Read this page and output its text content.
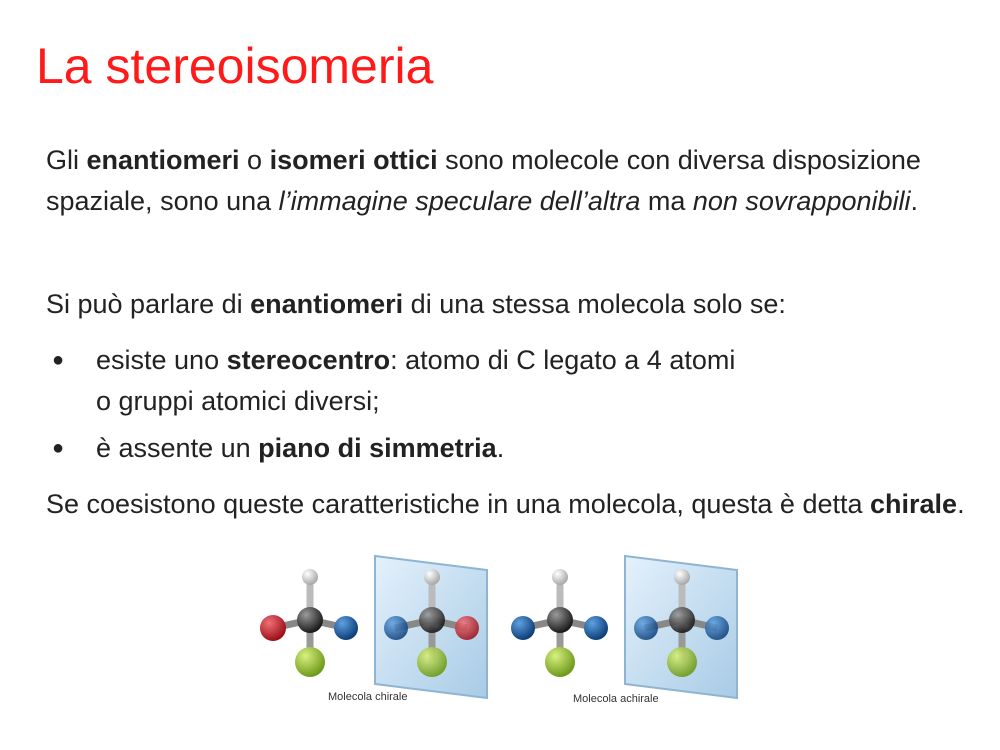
La stereoisomeria

Gli enantiomeri o isomeri ottici sono molecole con diversa disposizione spaziale, sono una l’immagine speculare dell’altra ma non sovrapponibili.

Si può parlare di enantiomeri di una stessa molecola solo se:

● esiste uno stereocentro: atomo di C legato a 4 atomi
o gruppi atomici diversi;
● è assente un piano di simmetria.

Se coesistono queste caratteristiche in una molecola, questa è detta chirale.

Molecola chirale	Molecola achirale
